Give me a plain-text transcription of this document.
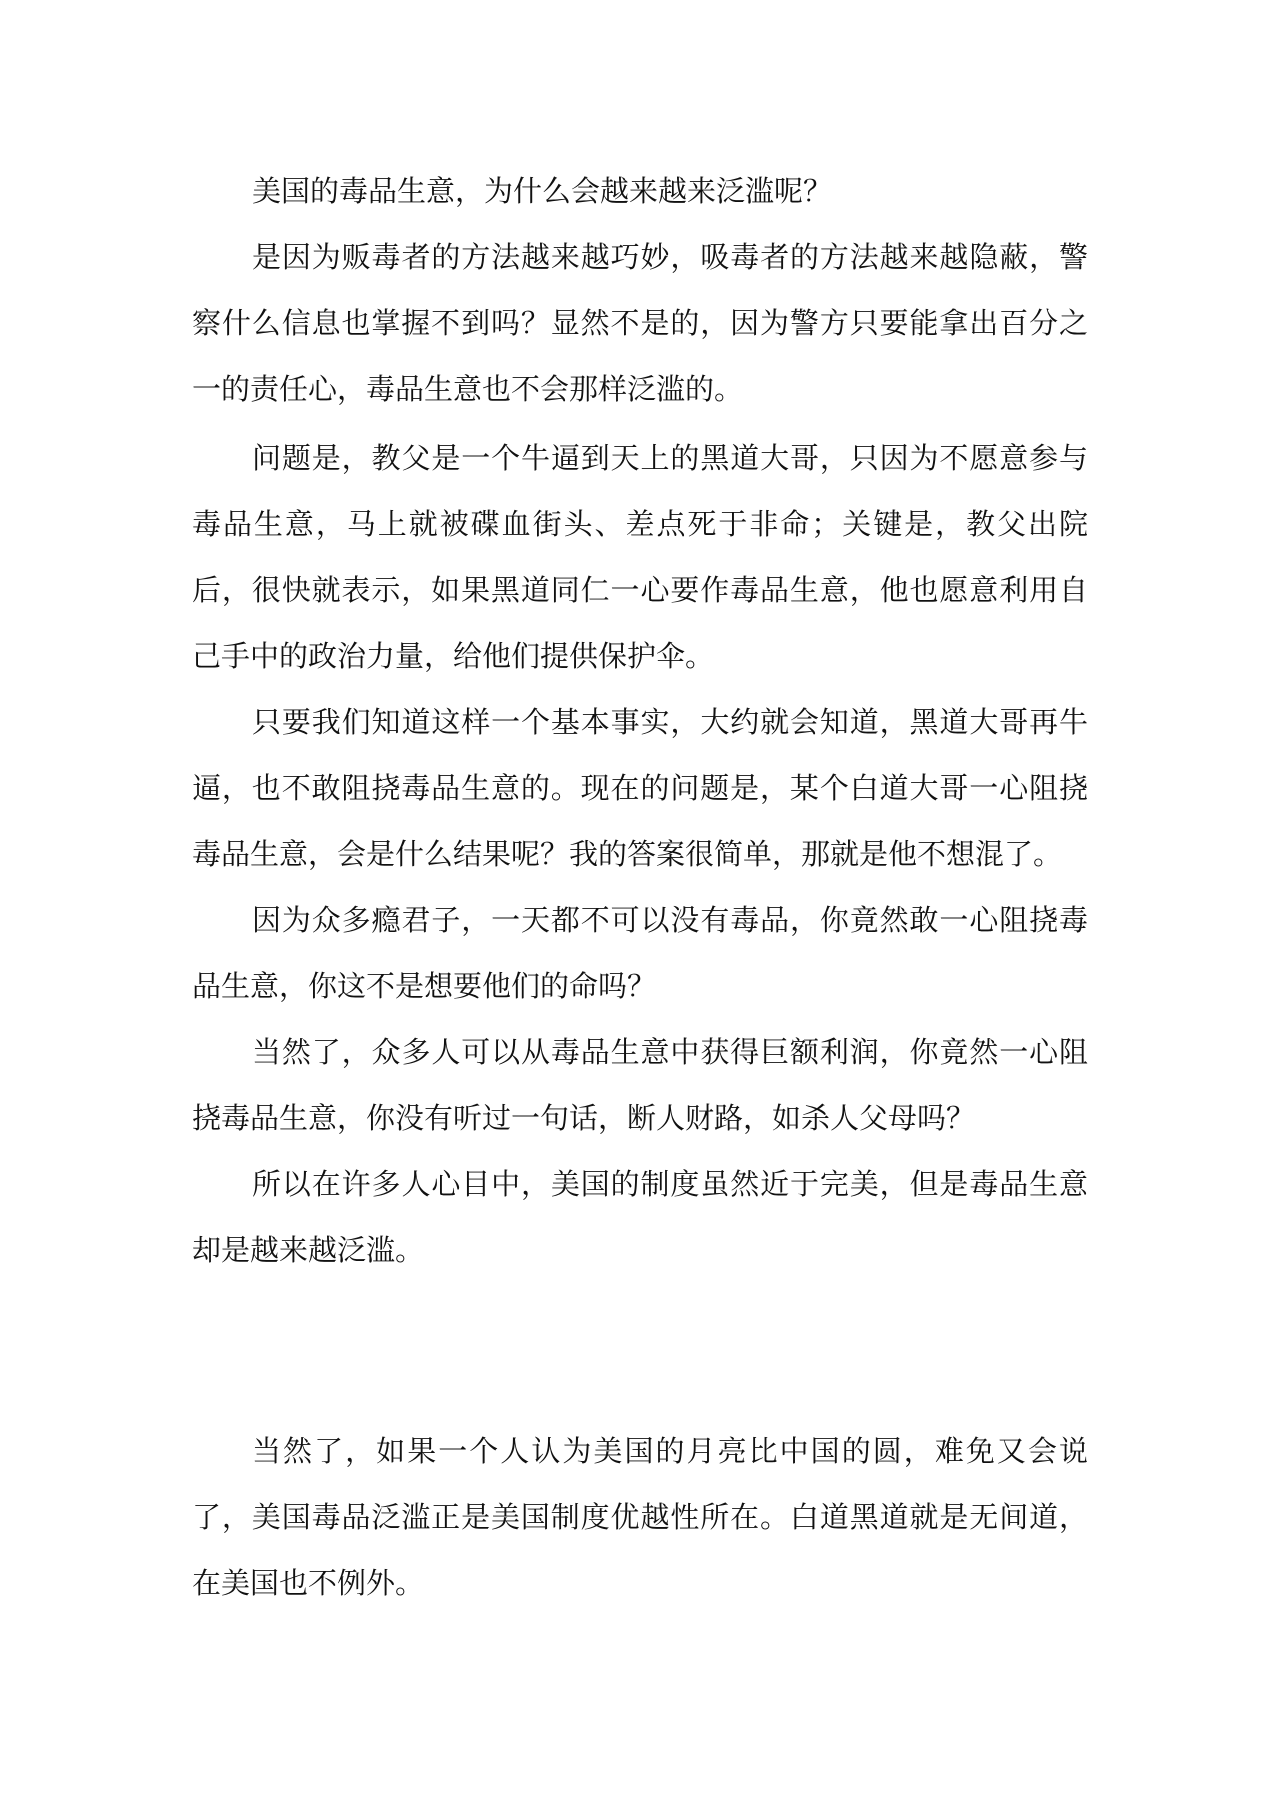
美国的毒品生意，为什么会越来越来泛滥呢？

是因为贩毒者的方法越来越巧妙，吸毒者的方法越来越隐蔽，警察什么信息也掌握不到吗？显然不是的，因为警方只要能拿出百分之一的责任心，毒品生意也不会那样泛滥的。

问题是，教父是一个牛逼到天上的黑道大哥，只因为不愿意参与毒品生意，马上就被碟血街头、差点死于非命；关键是，教父出院后，很快就表示，如果黑道同仁一心要作毒品生意，他也愿意利用自己手中的政治力量，给他们提供保护伞。

只要我们知道这样一个基本事实，大约就会知道，黑道大哥再牛逼，也不敢阻挠毒品生意的。现在的问题是，某个白道大哥一心阻挠毒品生意，会是什么结果呢？我的答案很简单，那就是他不想混了。

因为众多瘾君子，一天都不可以没有毒品，你竟然敢一心阻挠毒品生意，你这不是想要他们的命吗？

当然了，众多人可以从毒品生意中获得巨额利润，你竟然一心阻挠毒品生意，你没有听过一句话，断人财路，如杀人父母吗？

所以在许多人心目中，美国的制度虽然近于完美，但是毒品生意却是越来越泛滥。

当然了，如果一个人认为美国的月亮比中国的圆，难免又会说了，美国毒品泛滥正是美国制度优越性所在。白道黑道就是无间道，在美国也不例外。
